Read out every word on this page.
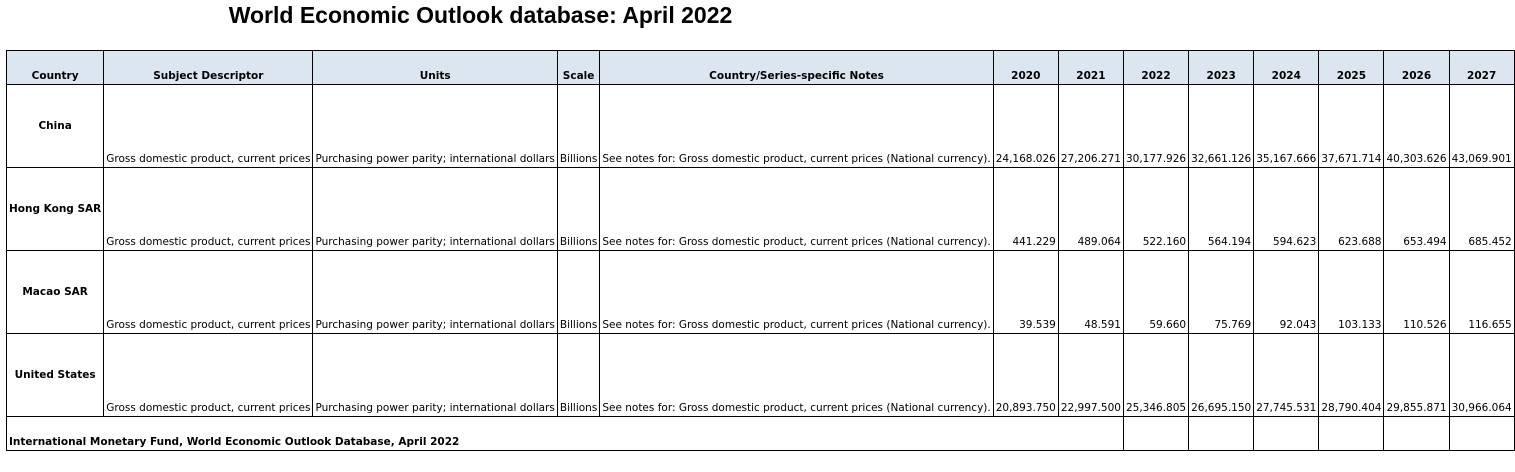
World Economic Outlook database: April 2022
Country	Subject Descriptor	Units	Scale	Country/Series-specific Notes	2020	2021	2022	2023	2024	2025	2026	2027
China	Gross domestic product, current prices	Purchasing power parity; international dollars	Billions	See notes for: Gross domestic product, current prices (National currency).	24,168.026	27,206.271	30,177.926	32,661.126	35,167.666	37,671.714	40,303.626	43,069.901
Hong Kong SAR	Gross domestic product, current prices	Purchasing power parity; international dollars	Billions	See notes for: Gross domestic product, current prices (National currency).	441.229	489.064	522.160	564.194	594.623	623.688	653.494	685.452
Macao SAR	Gross domestic product, current prices	Purchasing power parity; international dollars	Billions	See notes for: Gross domestic product, current prices (National currency).	39.539	48.591	59.660	75.769	92.043	103.133	110.526	116.655
United States	Gross domestic product, current prices	Purchasing power parity; international dollars	Billions	See notes for: Gross domestic product, current prices (National currency).	20,893.750	22,997.500	25,346.805	26,695.150	27,745.531	28,790.404	29,855.871	30,966.064
International Monetary Fund, World Economic Outlook Database, April 2022												
